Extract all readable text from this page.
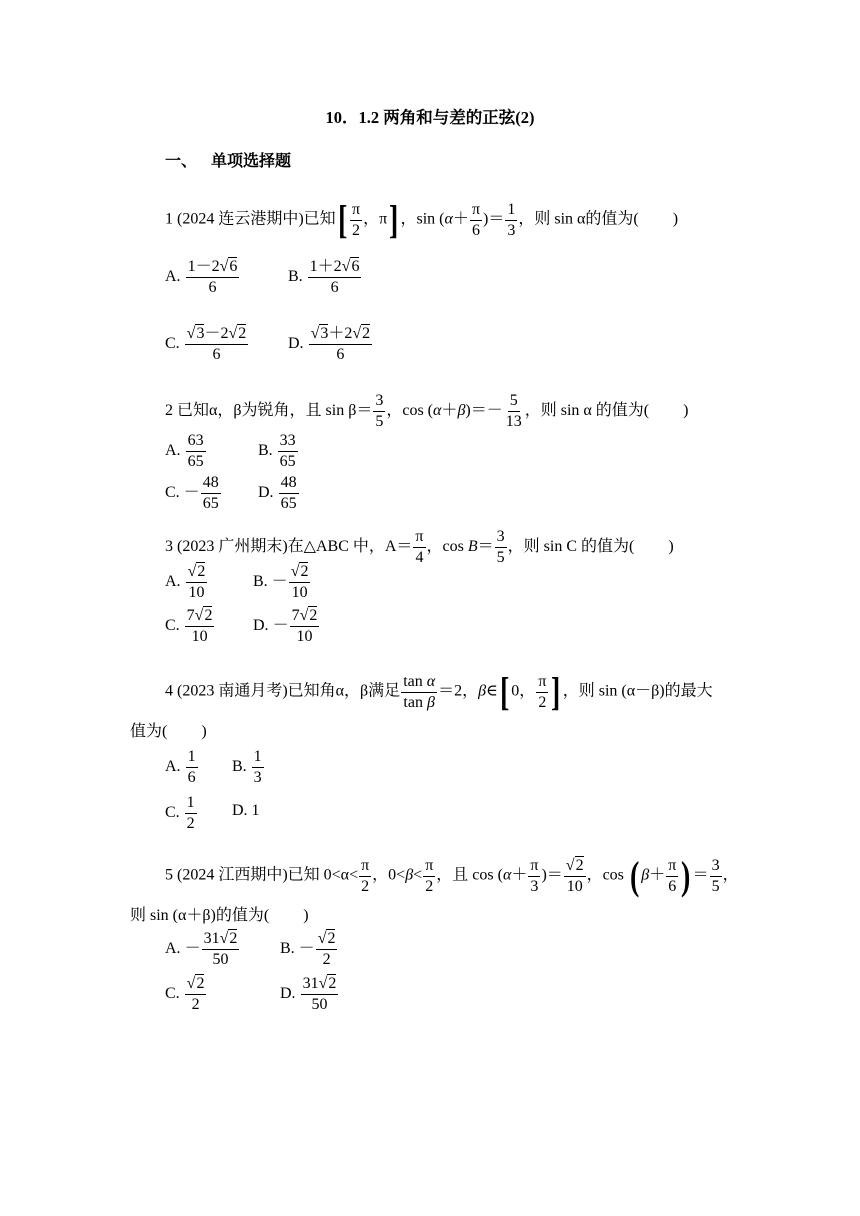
10．1.2 两角和与差的正弦(2)
一、 单项选择题
1 (2024 连云港期中)已知[ $\frac{\pi}{2}$ ，π] ，$\sin (\alpha+ \frac{\pi}{6}$ )＝ $\frac{1}{3}$ ，则 sin α的值为( )
A. $\frac{1-2√6}{6}$	B. $\frac{1+2√6}{6}$
C. $\frac{√3-2√2}{6} D$. $\frac{√3+2√2}{6}$
2 已知α，β为锐角，且 $\sin \beta= \frac{3}{5}$ ，$\cos (\alpha+\beta)=- \frac{5}{13}$ ，则 sin α 的值为( )
A. $\frac{63}{65}$	B. $\frac{33}{65}$
C. － $\frac{48}{65} D$. $\frac{48}{65}$
3 (2023 广州期末)在△ABC 中，$A= \frac{\pi}{4}$ ，$\cos B= \frac{3}{5}$ ，则 sin C 的值为( )
A. $\frac{√2}{10}$	B. － $\frac{√2}{10}$
C. $\frac{7√2}{10} D$. － $\frac{7√2}{10}$
4 (2023 南通月考)已知角α，β满足 $\frac{\text{tan α}}{\text{tan β}} =2$，β∈[ 0， $\frac{\pi}{2}$ ] ，则 sin (α－β)的最大
值为( )
A. $\frac{1}{6} B$. $\frac{1}{3}$
C. $\frac{1}{2} D$. 1
5 (2024 江西期中)已知 $0<\alpha< \frac{\pi}{2}$ ，$0<\beta< \frac{\pi}{2}$ ，且 $\cos (\alpha+ \frac{\pi}{3}$ )＝ $\frac{√2}{10}$ ，cos ( $\beta+ \frac{\pi}{6}$ ) ＝ $\frac{3}{5}$ ，
则 sin (α＋β)的值为( )
A. － $\frac{31√2}{50}$	B. － $\frac{√2}{2}$
C. $\frac{√2}{2}$	D. $\frac{31√2}{50}$
